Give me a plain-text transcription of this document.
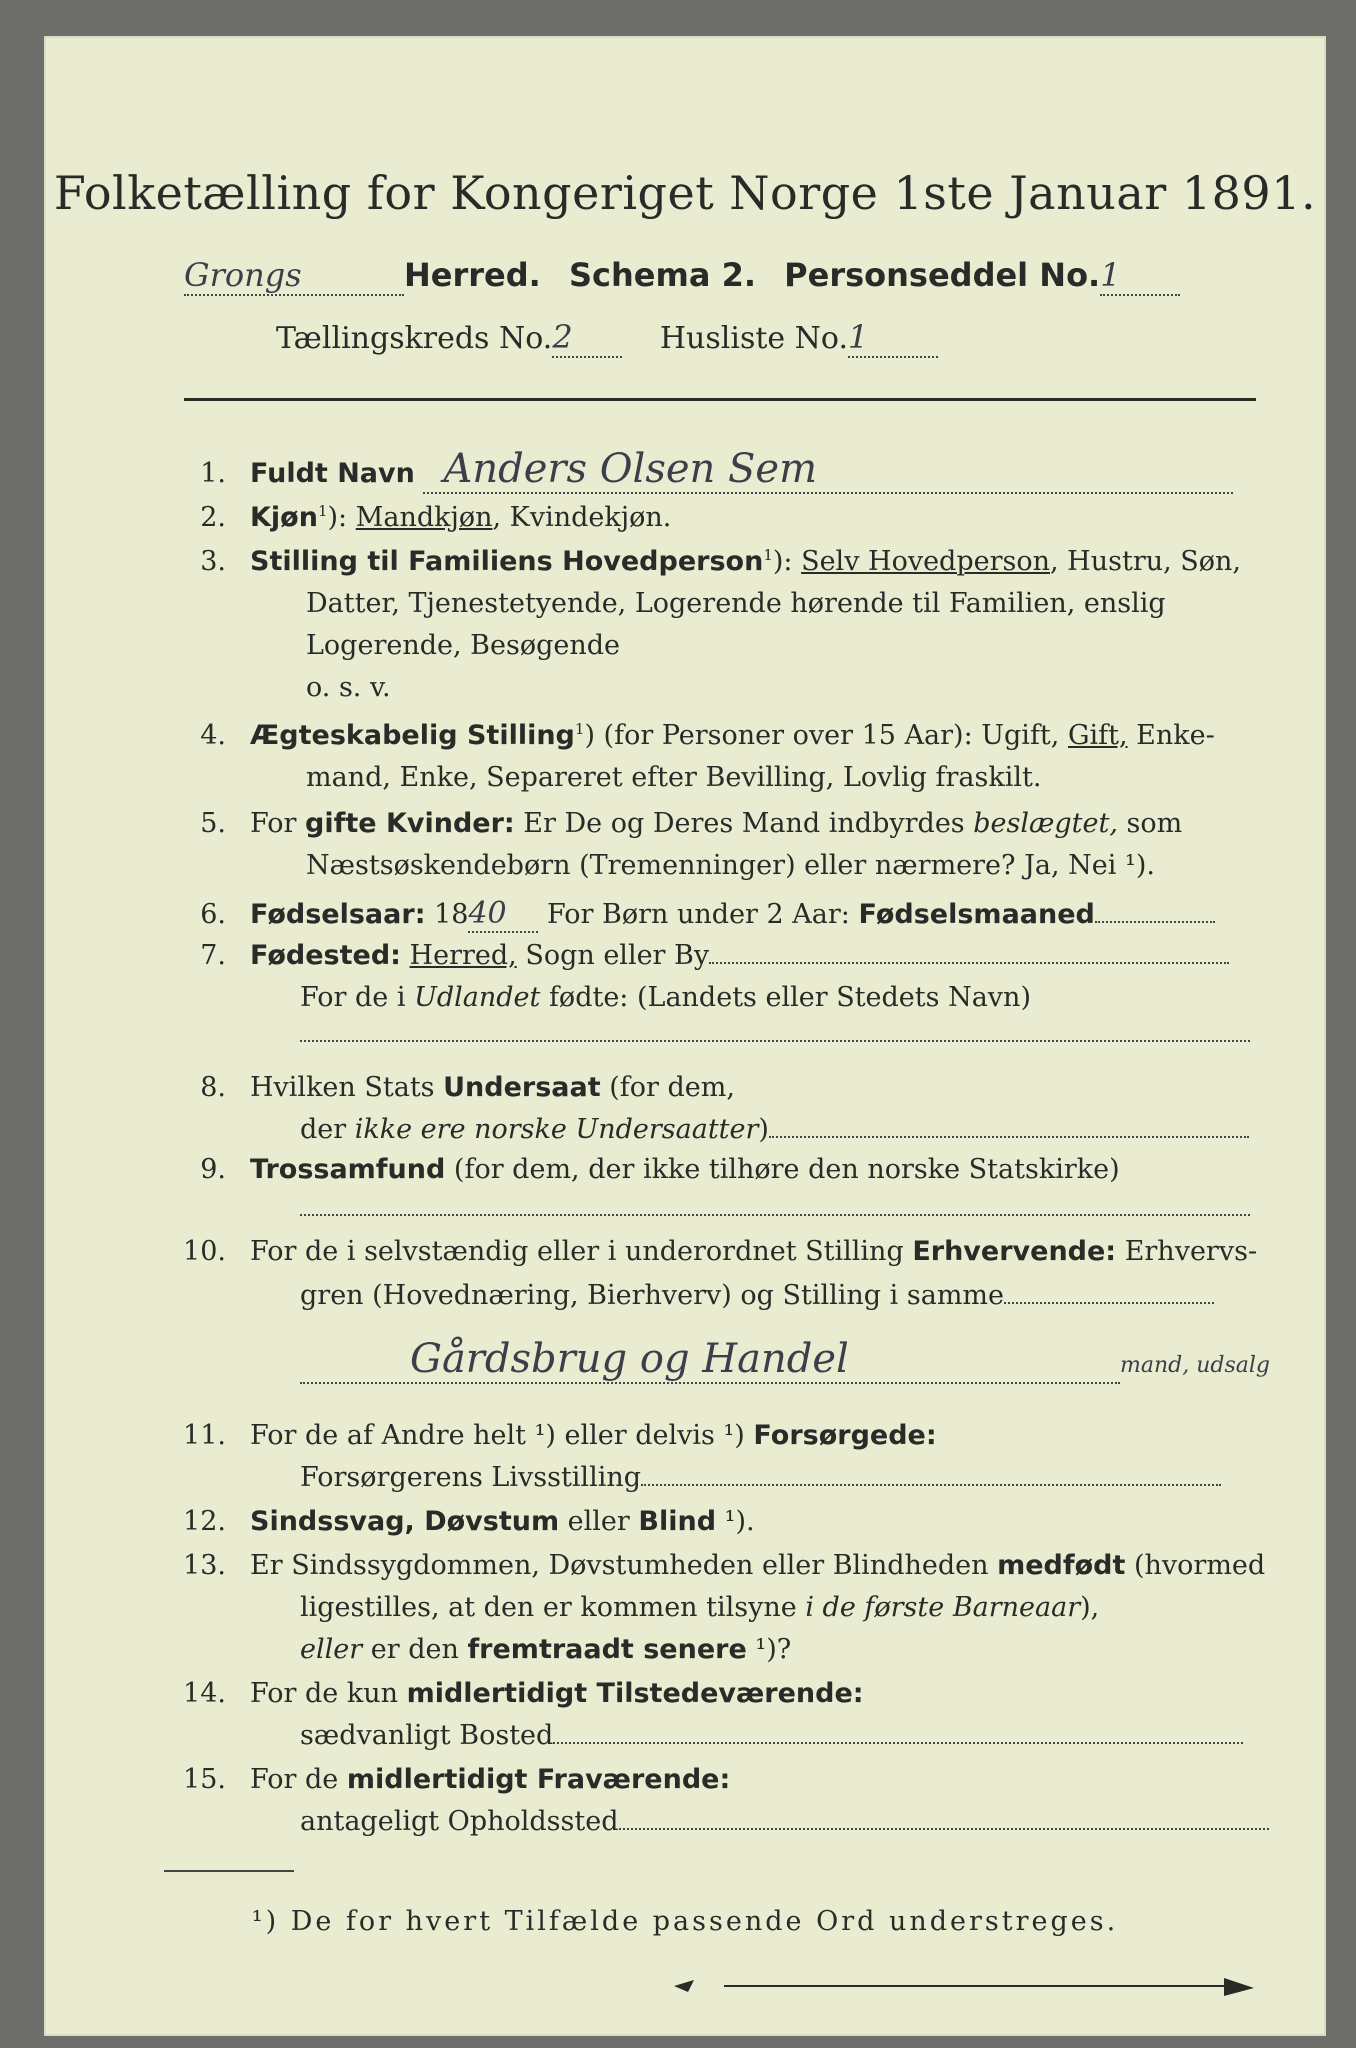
Folketælling for Kongeriget Norge 1ste Januar 1891.
Grongs	Herred. Schema 2. Personseddel No.1
Tællingskreds No.2	Husliste No.1
1. Fuldt Navn Anders Olsen Sem
2. Kjøn$^1$): Mandkjøn, Kvindekjøn.
3. Stilling til Familiens Hovedperson$^1$): Selv Hovedperson, Hustru, Søn,
Datter, Tjenestetyende, Logerende hørende til Familien, enslig
Logerende, Besøgende
o. s. v.
4. Ægteskabelig Stilling$^1$) (for Personer over 15 Aar): Ugift, Gift, Enke-
mand, Enke, Separeret efter Bevilling, Lovlig fraskilt.
5. For gifte Kvinder: Er De og Deres Mand indbyrdes beslægtet, som
Næstsøskendebørn (Tremenninger) eller nærmere? Ja, Nei ¹).
6. Fødselsaar: 1840 For Børn under 2 Aar: Fødselsmaaned
7. Fødested: Herred, Sogn eller By
For de i Udlandet fødte: (Landets eller Stedets Navn)
8. Hvilken Stats Undersaat (for dem,
der ikke ere norske Undersaatter)
9. Trossamfund (for dem, der ikke tilhøre den norske Statskirke)
10. For de i selvstændig eller i underordnet Stilling Erhvervende: Erhvervs-
gren (Hovednæring, Bierhverv) og Stilling i samme
Gårdsbrug og Handel	mand, udsalg
11. For de af Andre helt ¹) eller delvis ¹) Forsørgede:
Forsørgerens Livsstilling
12. Sindssvag, Døvstum eller Blind ¹).
13. Er Sindssygdommen, Døvstumheden eller Blindheden medfødt (hvormed
ligestilles, at den er kommen tilsyne i de første Barneaar),
eller er den fremtraadt senere ¹)?
14. For de kun midlertidigt Tilstedeværende:
sædvanligt Bosted
15. For de midlertidigt Fraværende:
antageligt Opholdssted
¹) De for hvert Tilfælde passende Ord understreges.
